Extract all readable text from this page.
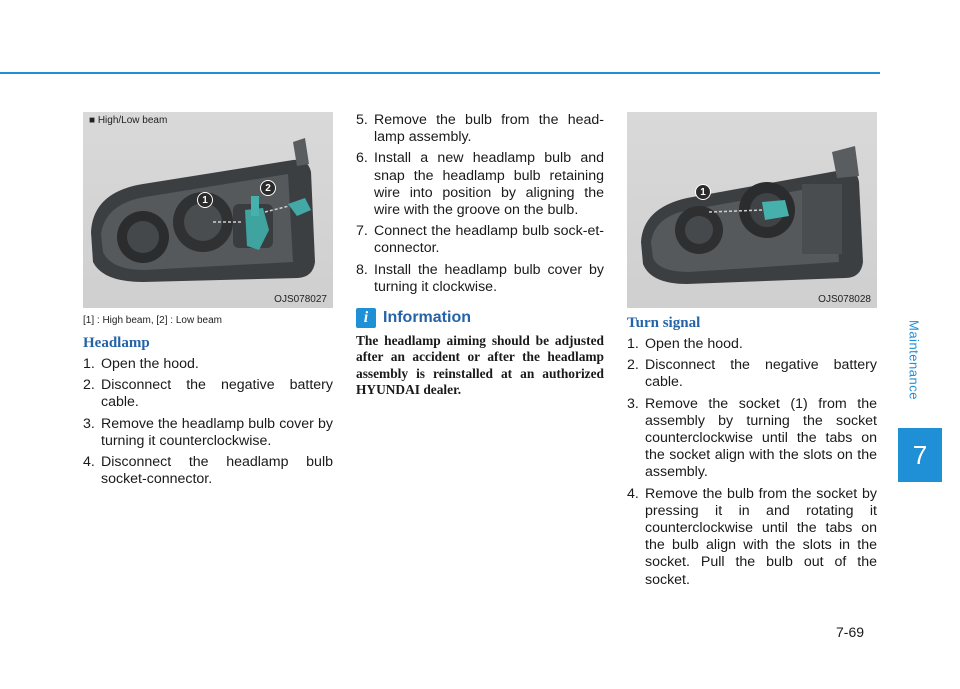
Maintenance
7
■ High/Low beam
1
2
OJS078027
[1] : High beam, [2] : Low beam
Headlamp
1. Open the hood.
2. Disconnect the negative battery cable.
3. Remove the headlamp bulb cover by turning it counterclockwise.
4. Disconnect the headlamp bulb socket-connector.
5. Remove the bulb from the head-lamp assembly.
6. Install a new headlamp bulb and snap the headlamp bulb retaining wire into position by aligning the wire with the groove on the bulb.
7. Connect the headlamp bulb sock-et-connector.
8. Install the headlamp bulb cover by turning it clockwise.
i Information
The headlamp aiming should be adjusted after an accident or after the headlamp assembly is reinstalled at an authorized HYUNDAI dealer.
1
OJS078028
Turn signal
1. Open the hood.
2. Disconnect the negative battery cable.
3. Remove the socket (1) from the assembly by turning the socket counterclockwise until the tabs on the socket align with the slots on the assembly.
4. Remove the bulb from the socket by pressing it in and rotating it counterclockwise until the tabs on the bulb align with the slots in the socket. Pull the bulb out of the socket.
7-69
